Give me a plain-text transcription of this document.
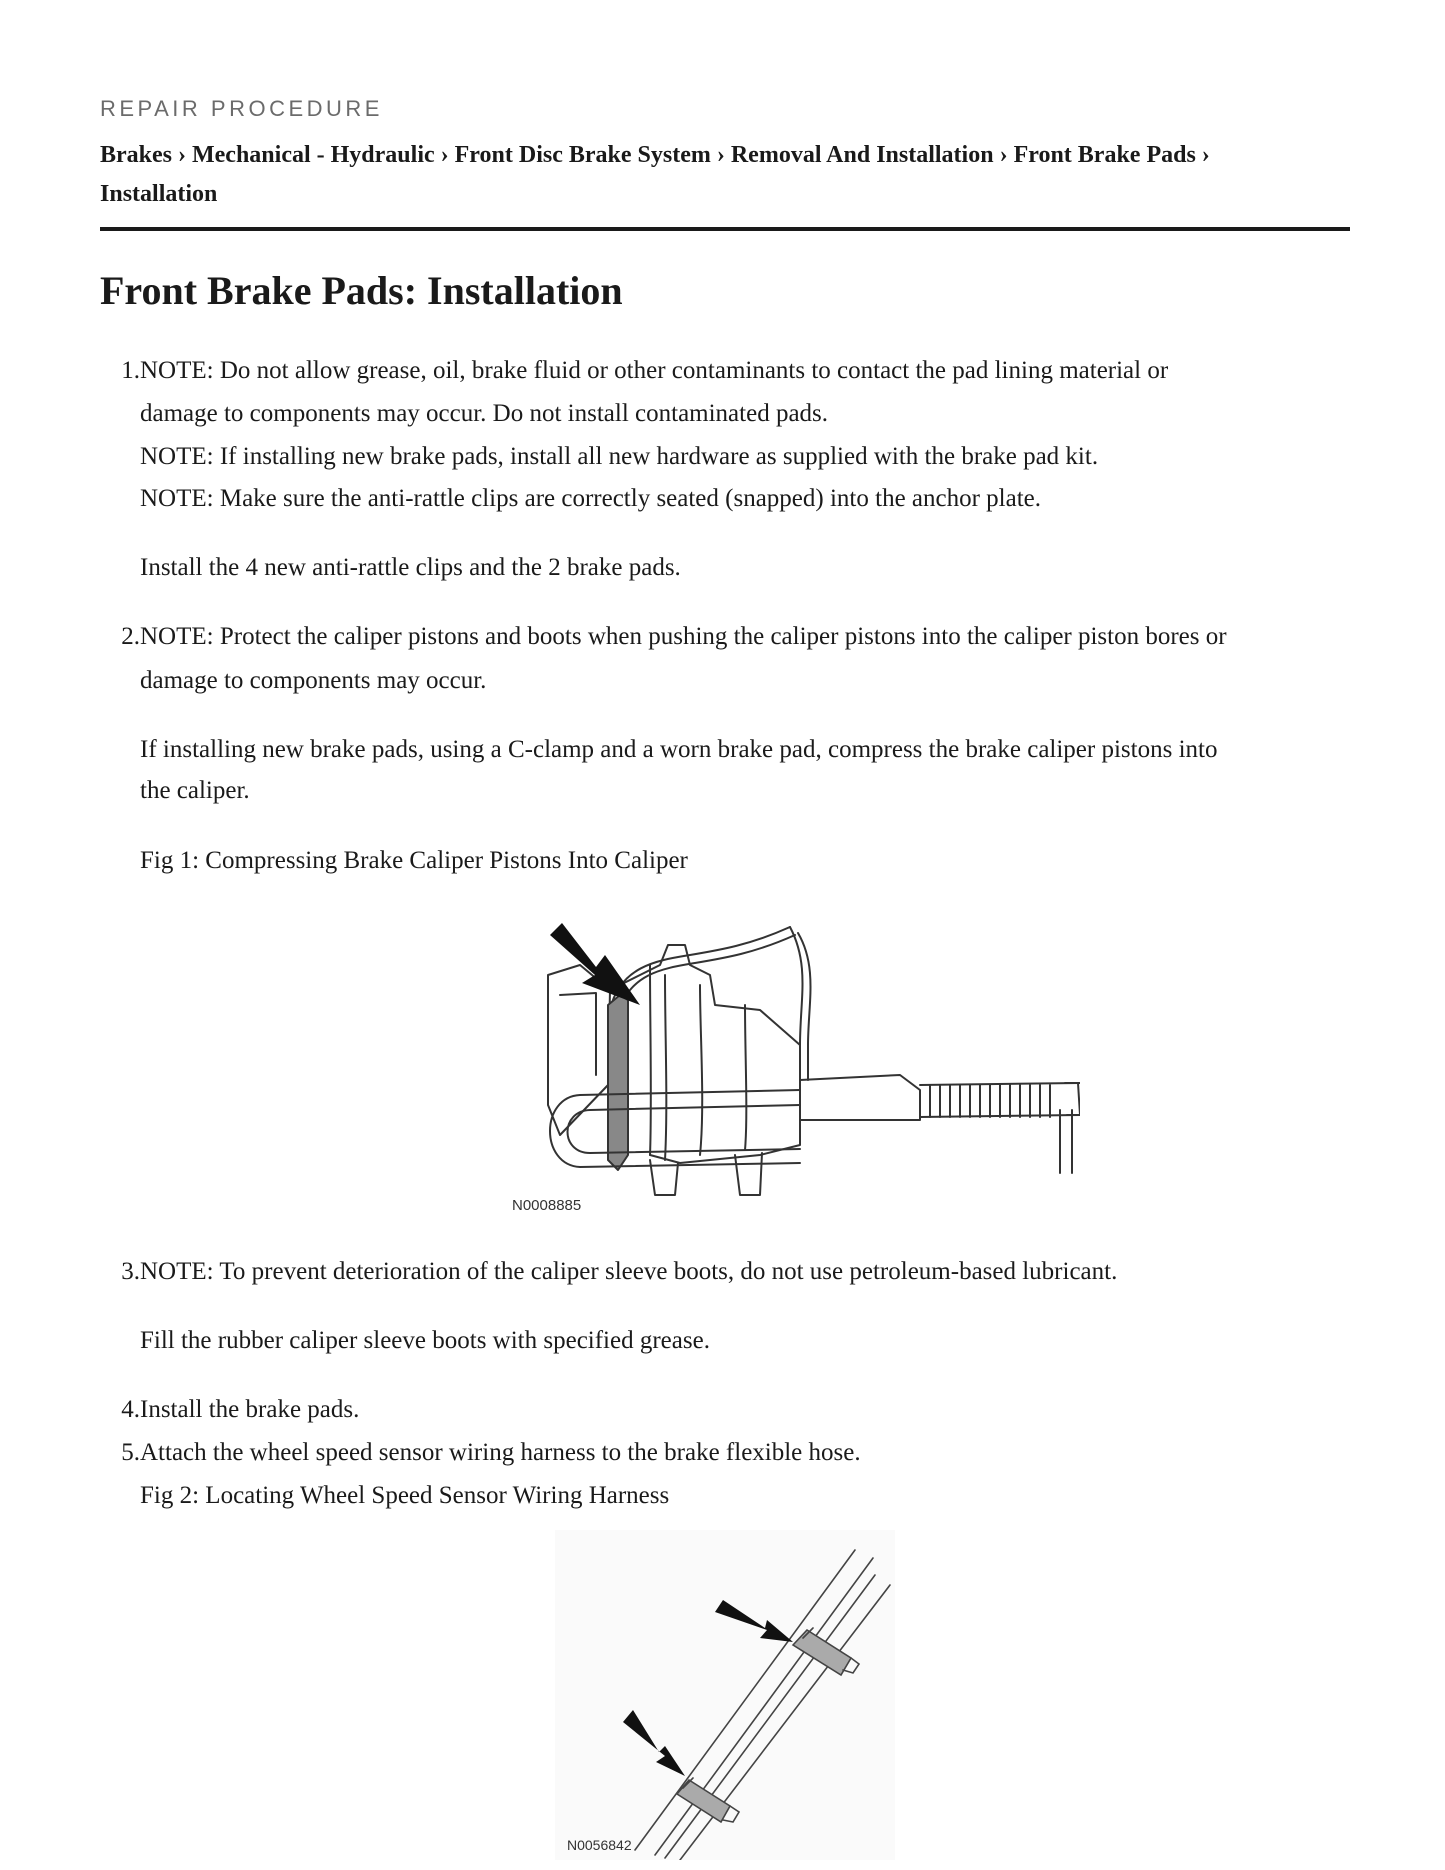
REPAIR PROCEDURE
Brakes › Mechanical - Hydraulic › Front Disc Brake System › Removal And Installation › Front Brake Pads ›
Installation
Front Brake Pads: Installation
1. NOTE: Do not allow grease, oil, brake fluid or other contaminants to contact the pad lining material or
damage to components may occur. Do not install contaminated pads.
NOTE: If installing new brake pads, install all new hardware as supplied with the brake pad kit.
NOTE: Make sure the anti-rattle clips are correctly seated (snapped) into the anchor plate.
Install the 4 new anti-rattle clips and the 2 brake pads.
2. NOTE: Protect the caliper pistons and boots when pushing the caliper pistons into the caliper piston bores or
damage to components may occur.
If installing new brake pads, using a C-clamp and a worn brake pad, compress the brake caliper pistons into
the caliper.
Fig 1: Compressing Brake Caliper Pistons Into Caliper
N0008885
3. NOTE: To prevent deterioration of the caliper sleeve boots, do not use petroleum-based lubricant.
Fill the rubber caliper sleeve boots with specified grease.
4. Install the brake pads.
5. Attach the wheel speed sensor wiring harness to the brake flexible hose.
Fig 2: Locating Wheel Speed Sensor Wiring Harness
N0056842
